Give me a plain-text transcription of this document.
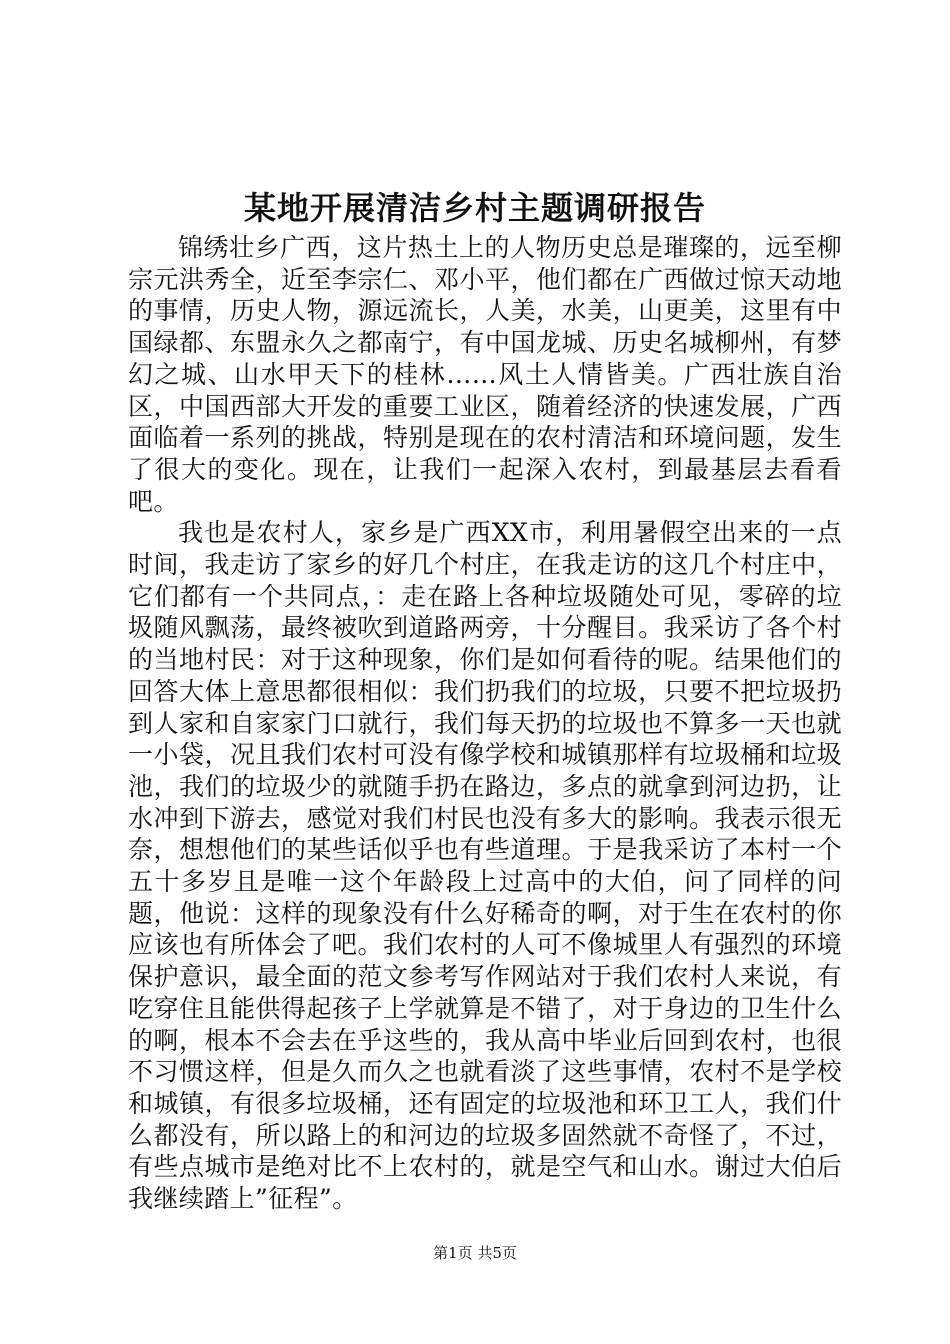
某地开展清洁乡村主题调研报告

锦绣壮乡广西，这片热土上的人物历史总是璀璨的，远至柳宗元洪秀全，近至李宗仁、邓小平，他们都在广西做过惊天动地的事情，历史人物，源远流长，人美，水美，山更美，这里有中国绿都、东盟永久之都南宁，有中国龙城、历史名城柳州，有梦幻之城、山水甲天下的桂林……风土人情皆美。广西壮族自治区，中国西部大开发的重要工业区，随着经济的快速发展，广西面临着一系列的挑战，特别是现在的农村清洁和环境问题，发生了很大的变化。现在，让我们一起深入农村，到最基层去看看吧。

我也是农村人，家乡是广西XX市，利用暑假空出来的一点时间，我走访了家乡的好几个村庄，在我走访的这几个村庄中，它们都有一个共同点，：走在路上各种垃圾随处可见，零碎的垃圾随风飘荡，最终被吹到道路两旁，十分醒目。我采访了各个村的当地村民：对于这种现象，你们是如何看待的呢。结果他们的回答大体上意思都很相似：我们扔我们的垃圾，只要不把垃圾扔到人家和自家家门口就行，我们每天扔的垃圾也不算多一天也就一小袋，况且我们农村可没有像学校和城镇那样有垃圾桶和垃圾池，我们的垃圾少的就随手扔在路边，多点的就拿到河边扔，让水冲到下游去，感觉对我们村民也没有多大的影响。我表示很无奈，想想他们的某些话似乎也有些道理。于是我采访了本村一个五十多岁且是唯一这个年龄段上过高中的大伯，问了同样的问题，他说：这样的现象没有什么好稀奇的啊，对于生在农村的你应该也有所体会了吧。我们农村的人可不像城里人有强烈的环境保护意识，最全面的范文参考写作网站对于我们农村人来说，有吃穿住且能供得起孩子上学就算是不错了，对于身边的卫生什么的啊，根本不会去在乎这些的，我从高中毕业后回到农村，也很不习惯这样，但是久而久之也就看淡了这些事情，农村不是学校和城镇，有很多垃圾桶，还有固定的垃圾池和环卫工人，我们什么都没有，所以路上的和河边的垃圾多固然就不奇怪了，不过，有些点城市是绝对比不上农村的，就是空气和山水。谢过大伯后我继续踏上”征程”。

第1页 共5页
